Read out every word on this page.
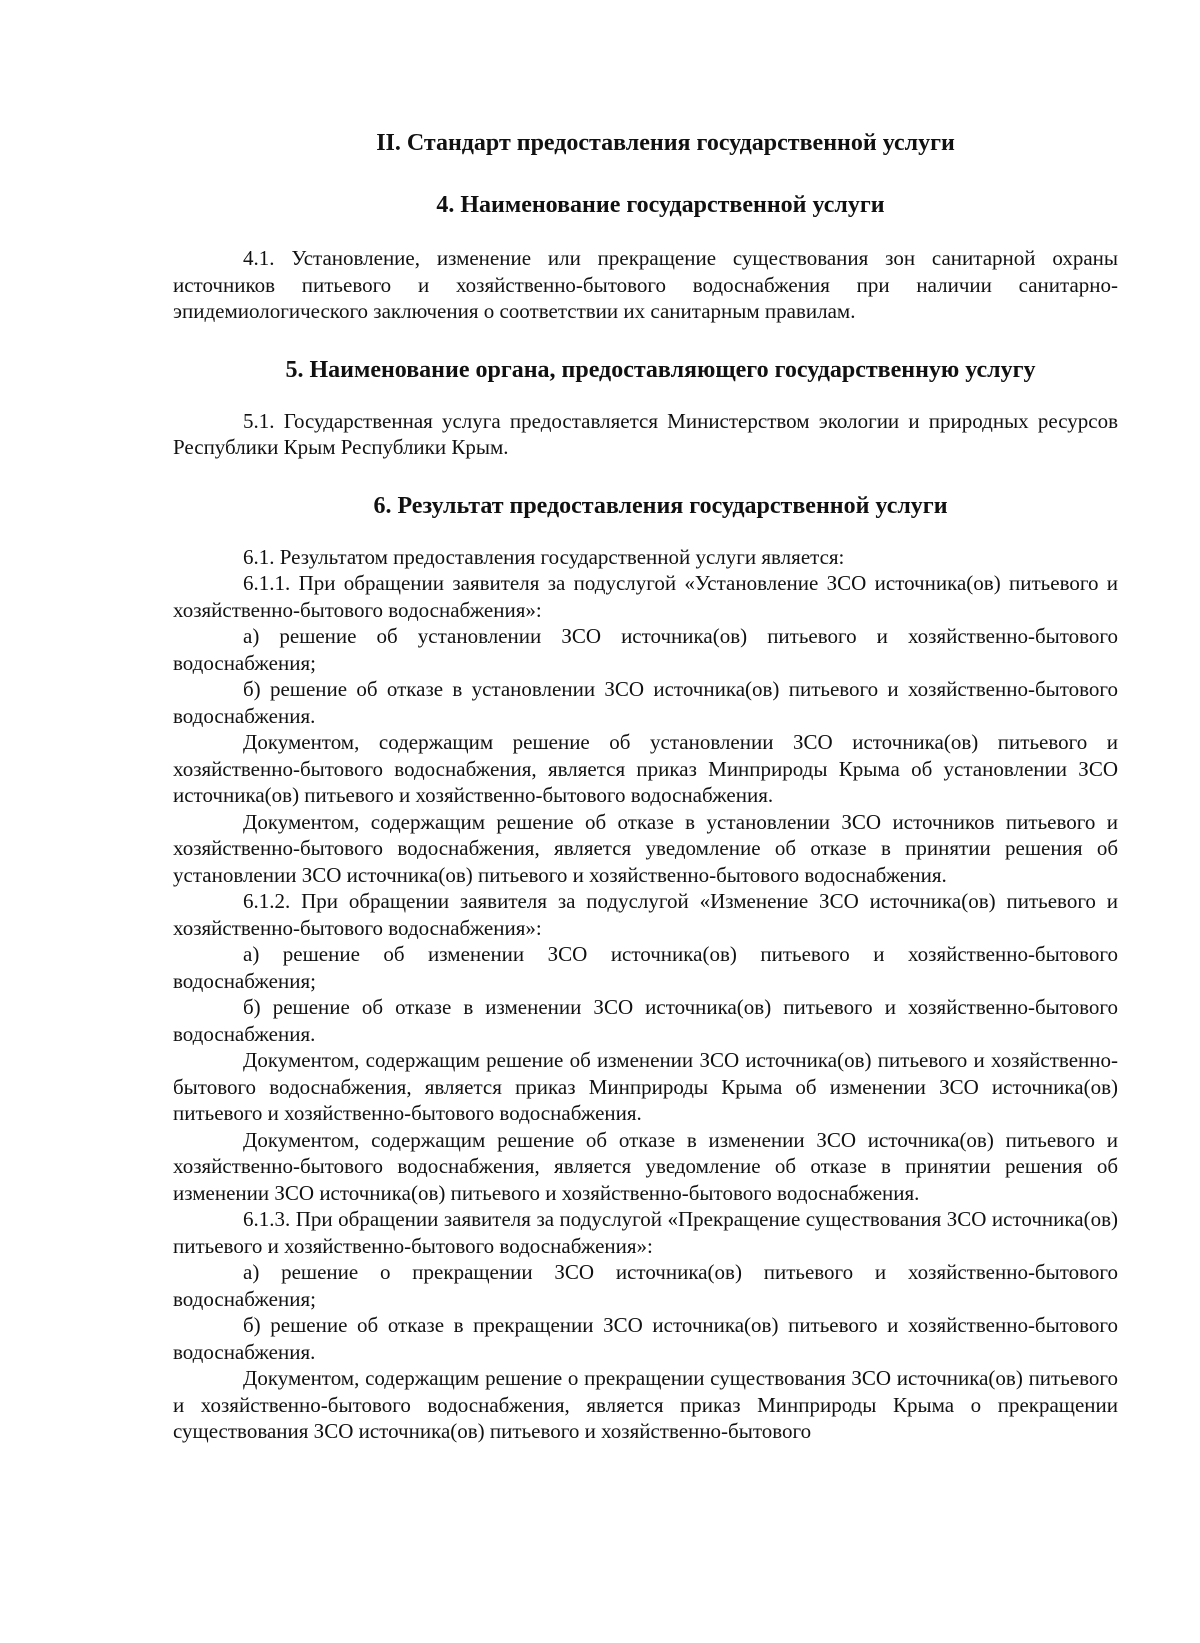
II. Стандарт предоставления государственной услуги
4. Наименование государственной услуги

4.1. Установление, изменение или прекращение существования зон санитарной охраны источников питьевого и хозяйственно-бытового водоснабжения при наличии санитарно-эпидемиологического заключения о соответствии их санитарным правилам.

5. Наименование органа, предоставляющего государственную услугу

5.1. Государственная услуга предоставляется Министерством экологии и природных ресурсов Республики Крым Республики Крым.

6. Результат предоставления государственной услуги

6.1. Результатом предоставления государственной услуги является:

6.1.1. При обращении заявителя за подуслугой «Установление ЗСО источника(ов) питьевого и хозяйственно-бытового водоснабжения»:

а) решение об установлении ЗСО источника(ов) питьевого и хозяйственно-бытового водоснабжения;

б) решение об отказе в установлении ЗСО источника(ов) питьевого и хозяйственно-бытового водоснабжения.

Документом, содержащим решение об установлении ЗСО источника(ов) питьевого и хозяйственно-бытового водоснабжения, является приказ Минприроды Крыма об установлении ЗСО источника(ов) питьевого и хозяйственно-бытового водоснабжения.

Документом, содержащим решение об отказе в установлении ЗСО источников питьевого и хозяйственно-бытового водоснабжения, является уведомление об отказе в принятии решения об установлении ЗСО источника(ов) питьевого и хозяйственно-бытового водоснабжения.

6.1.2. При обращении заявителя за подуслугой «Изменение ЗСО источника(ов) питьевого и хозяйственно-бытового водоснабжения»:

а) решение об изменении ЗСО источника(ов) питьевого и хозяйственно-бытового водоснабжения;

б) решение об отказе в изменении ЗСО источника(ов) питьевого и хозяйственно-бытового водоснабжения.

Документом, содержащим решение об изменении ЗСО источника(ов) питьевого и хозяйственно-бытового водоснабжения, является приказ Минприроды Крыма об изменении ЗСО источника(ов) питьевого и хозяйственно-бытового водоснабжения.

Документом, содержащим решение об отказе в изменении ЗСО источника(ов) питьевого и хозяйственно-бытового водоснабжения, является уведомление об отказе в принятии решения об изменении ЗСО источника(ов) питьевого и хозяйственно-бытового водоснабжения.

6.1.3. При обращении заявителя за подуслугой «Прекращение существования ЗСО источника(ов) питьевого и хозяйственно-бытового водоснабжения»:

а) решение о прекращении ЗСО источника(ов) питьевого и хозяйственно-бытового водоснабжения;

б) решение об отказе в прекращении ЗСО источника(ов) питьевого и хозяйственно-бытового водоснабжения.

Документом, содержащим решение о прекращении существования ЗСО источника(ов) питьевого и хозяйственно-бытового водоснабжения, является приказ Минприроды Крыма о прекращении существования ЗСО источника(ов) питьевого и хозяйственно-бытового
